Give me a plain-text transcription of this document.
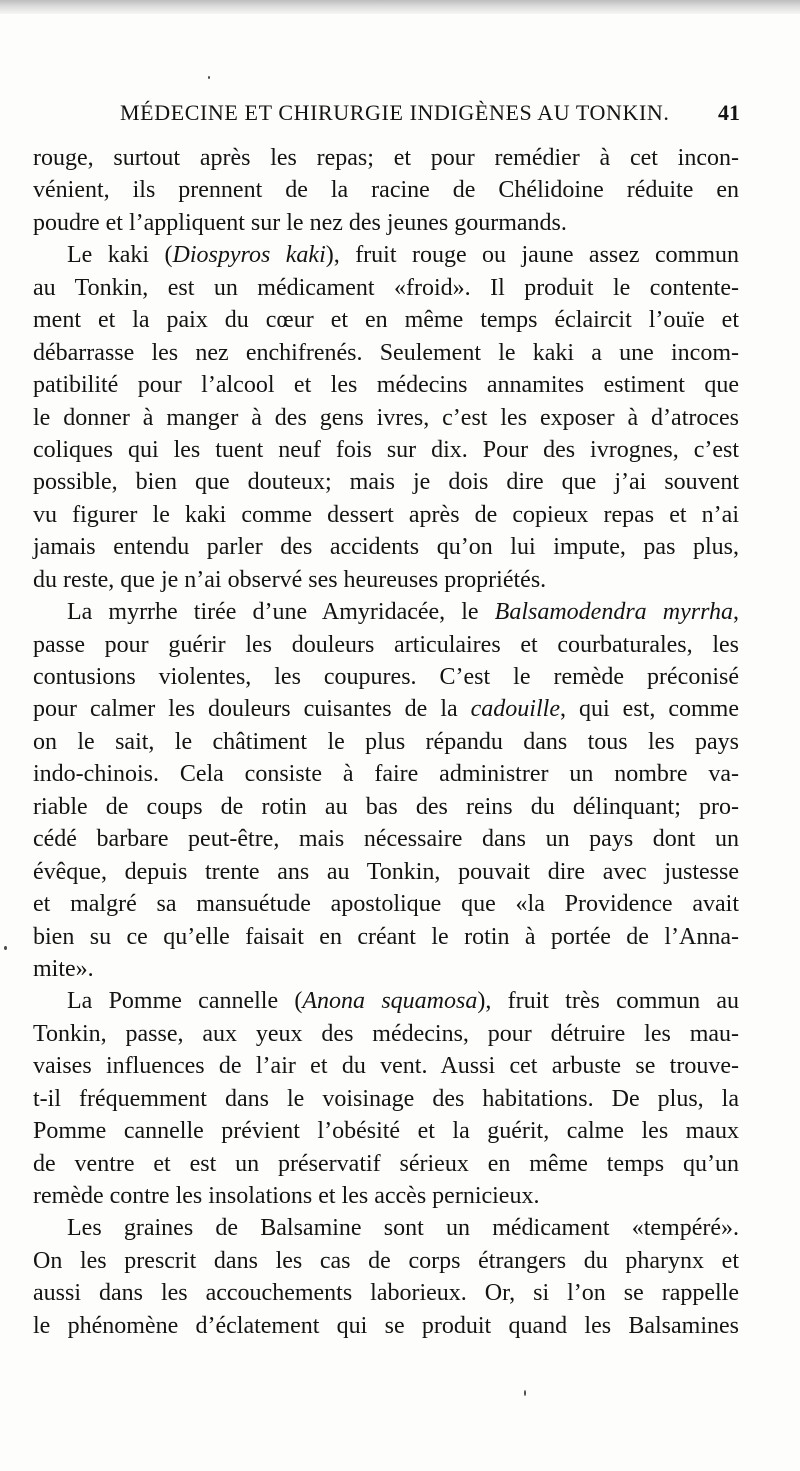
MÉDECINE ET CHIRURGIE INDIGÈNES AU TONKIN. 41
rouge, surtout après les repas; et pour remédier à cet incon-
vénient, ils prennent de la racine de Chélidoine réduite en
poudre et l’appliquent sur le nez des jeunes gourmands.
Le kaki (Diospyros kaki), fruit rouge ou jaune assez commun
au Tonkin, est un médicament «froid». Il produit le contente-
ment et la paix du cœur et en même temps éclaircit l’ouïe et
débarrasse les nez enchifrenés. Seulement le kaki a une incom-
patibilité pour l’alcool et les médecins annamites estiment que
le donner à manger à des gens ivres, c’est les exposer à d’atroces
coliques qui les tuent neuf fois sur dix. Pour des ivrognes, c’est
possible, bien que douteux; mais je dois dire que j’ai souvent
vu figurer le kaki comme dessert après de copieux repas et n’ai
jamais entendu parler des accidents qu’on lui impute, pas plus,
du reste, que je n’ai observé ses heureuses propriétés.
La myrrhe tirée d’une Amyridacée, le Balsamodendra myrrha,
passe pour guérir les douleurs articulaires et courbaturales, les
contusions violentes, les coupures. C’est le remède préconisé
pour calmer les douleurs cuisantes de la cadouille, qui est, comme
on le sait, le châtiment le plus répandu dans tous les pays
indo-chinois. Cela consiste à faire administrer un nombre va-
riable de coups de rotin au bas des reins du délinquant; pro-
cédé barbare peut-être, mais nécessaire dans un pays dont un
évêque, depuis trente ans au Tonkin, pouvait dire avec justesse
et malgré sa mansuétude apostolique que «la Providence avait
bien su ce qu’elle faisait en créant le rotin à portée de l’Anna-
mite».
La Pomme cannelle (Anona squamosa), fruit très commun au
Tonkin, passe, aux yeux des médecins, pour détruire les mau-
vaises influences de l’air et du vent. Aussi cet arbuste se trouve-
t-il fréquemment dans le voisinage des habitations. De plus, la
Pomme cannelle prévient l’obésité et la guérit, calme les maux
de ventre et est un préservatif sérieux en même temps qu’un
remède contre les insolations et les accès pernicieux.
Les graines de Balsamine sont un médicament «tempéré».
On les prescrit dans les cas de corps étrangers du pharynx et
aussi dans les accouchements laborieux. Or, si l’on se rappelle
le phénomène d’éclatement qui se produit quand les Balsamines
